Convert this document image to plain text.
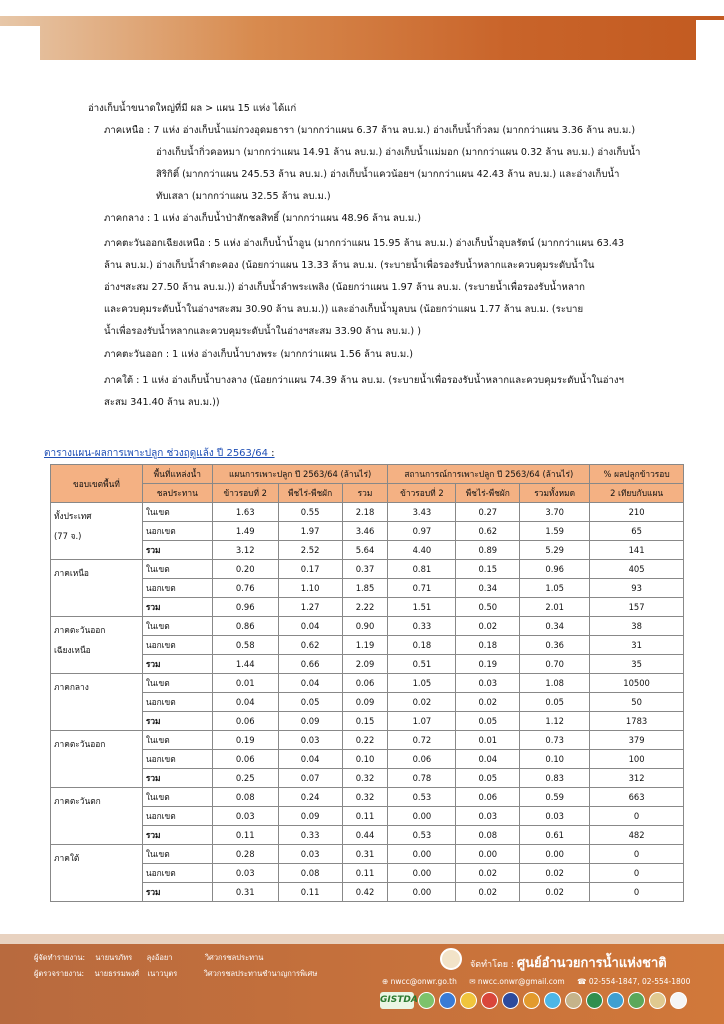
อ่างเก็บน้ำขนาดใหญ่ที่มี ผล > แผน 15 แห่ง ได้แก่
ภาคเหนือ : 7 แห่ง อ่างเก็บน้ำแม่กวงอุดมธารา (มากกว่าแผน 6.37 ล้าน ลบ.ม.) อ่างเก็บน้ำกิ่วลม (มากกว่าแผน 3.36 ล้าน ลบ.ม.)
อ่างเก็บน้ำกิ่วคอหมา (มากกว่าแผน 14.91 ล้าน ลบ.ม.) อ่างเก็บน้ำแม่มอก (มากกว่าแผน 0.32 ล้าน ลบ.ม.) อ่างเก็บน้ำ
สิริกิติ์ (มากกว่าแผน 245.53 ล้าน ลบ.ม.) อ่างเก็บน้ำแควน้อยฯ (มากกว่าแผน 42.43 ล้าน ลบ.ม.) และอ่างเก็บน้ำ
ทับเสลา (มากกว่าแผน 32.55 ล้าน ลบ.ม.)
ภาคกลาง : 1 แห่ง อ่างเก็บน้ำป่าสักชลสิทธิ์ (มากกว่าแผน 48.96 ล้าน ลบ.ม.)
ภาคตะวันออกเฉียงเหนือ : 5 แห่ง อ่างเก็บน้ำน้ำอูน (มากกว่าแผน 15.95 ล้าน ลบ.ม.) อ่างเก็บน้ำอุบลรัตน์ (มากกว่าแผน 63.43
ล้าน ลบ.ม.) อ่างเก็บน้ำลำตะคอง (น้อยกว่าแผน 13.33 ล้าน ลบ.ม. (ระบายน้ำเพื่อรองรับน้ำหลากและควบคุมระดับน้ำใน
อ่างฯสะสม 27.50 ล้าน ลบ.ม.)) อ่างเก็บน้ำลำพระเพลิง (น้อยกว่าแผน 1.97 ล้าน ลบ.ม. (ระบายน้ำเพื่อรองรับน้ำหลาก
และควบคุมระดับน้ำในอ่างฯสะสม 30.90 ล้าน ลบ.ม.)) และอ่างเก็บน้ำมูลบน (น้อยกว่าแผน 1.77 ล้าน ลบ.ม. (ระบาย
น้ำเพื่อรองรับน้ำหลากและควบคุมระดับน้ำในอ่างฯสะสม 33.90 ล้าน ลบ.ม.) )
ภาคตะวันออก : 1 แห่ง อ่างเก็บน้ำบางพระ (มากกว่าแผน 1.56 ล้าน ลบ.ม.)
ภาคใต้ : 1 แห่ง อ่างเก็บน้ำบางลาง (น้อยกว่าแผน 74.39 ล้าน ลบ.ม. (ระบายน้ำเพื่อรองรับน้ำหลากและควบคุมระดับน้ำในอ่างฯ
สะสม 341.40 ล้าน ลบ.ม.))
ตารางแผน-ผลการเพาะปลูก ช่วงฤดูแล้ง ปี 2563/64 :
ขอบเขตพื้นที่	พื้นที่แหล่งน้ำ	แผนการเพาะปลูก ปี 2563/64 (ล้านไร่)			สถานการณ์การเพาะปลูก ปี 2563/64 (ล้านไร่)			% ผลปลูกข้าวรอบ
	ชลประทาน	ข้าวรอบที่ 2	พืชไร่-พืชผัก	รวม	ข้าวรอบที่ 2	พืชไร่-พืชผัก	รวมทั้งหมด	2 เทียบกับแผน

ทั้งประเทศ
(77 จ.)	ในเขต	1.63	0.55	2.18	3.43	0.27	3.70	210
	นอกเขต	1.49	1.97	3.46	0.97	0.62	1.59	65
	รวม	3.12	2.52	5.64	4.40	0.89	5.29	141

ภาคเหนือ	ในเขต	0.20	0.17	0.37	0.81	0.15	0.96	405
	นอกเขต	0.76	1.10	1.85	0.71	0.34	1.05	93
	รวม	0.96	1.27	2.22	1.51	0.50	2.01	157

ภาคตะวันออก
เฉียงเหนือ	ในเขต	0.86	0.04	0.90	0.33	0.02	0.34	38
	นอกเขต	0.58	0.62	1.19	0.18	0.18	0.36	31
	รวม	1.44	0.66	2.09	0.51	0.19	0.70	35

ภาคกลาง	ในเขต	0.01	0.04	0.06	1.05	0.03	1.08	10500
	นอกเขต	0.04	0.05	0.09	0.02	0.02	0.05	50
	รวม	0.06	0.09	0.15	1.07	0.05	1.12	1783

ภาคตะวันออก	ในเขต	0.19	0.03	0.22	0.72	0.01	0.73	379
	นอกเขต	0.06	0.04	0.10	0.06	0.04	0.10	100
	รวม	0.25	0.07	0.32	0.78	0.05	0.83	312

ภาคตะวันตก	ในเขต	0.08	0.24	0.32	0.53	0.06	0.59	663
	นอกเขต	0.03	0.09	0.11	0.00	0.03	0.03	0
	รวม	0.11	0.33	0.44	0.53	0.08	0.61	482

ภาคใต้	ในเขต	0.28	0.03	0.31	0.00	0.00	0.00	0
	นอกเขต	0.03	0.08	0.11	0.00	0.02	0.02	0
	รวม	0.31	0.11	0.42	0.00	0.02	0.02	0
ผู้จัดทำรายงาน: นายนรภัทร ลุงอ้อยา	วิศวกรชลประทาน
ผู้ตรวจรายงาน: นายธรรมพงศ์ เนาวบุตร	วิศวกรชลประทานชำนาญการพิเศษ
จัดทำโดย : ศูนย์อำนวยการน้ำแห่งชาติ
⊕ nwcc@onwr.go.th ✉ nwcc.onwr@gmail.com ☎ 02-554-1847, 02-554-1800
GISTDA
